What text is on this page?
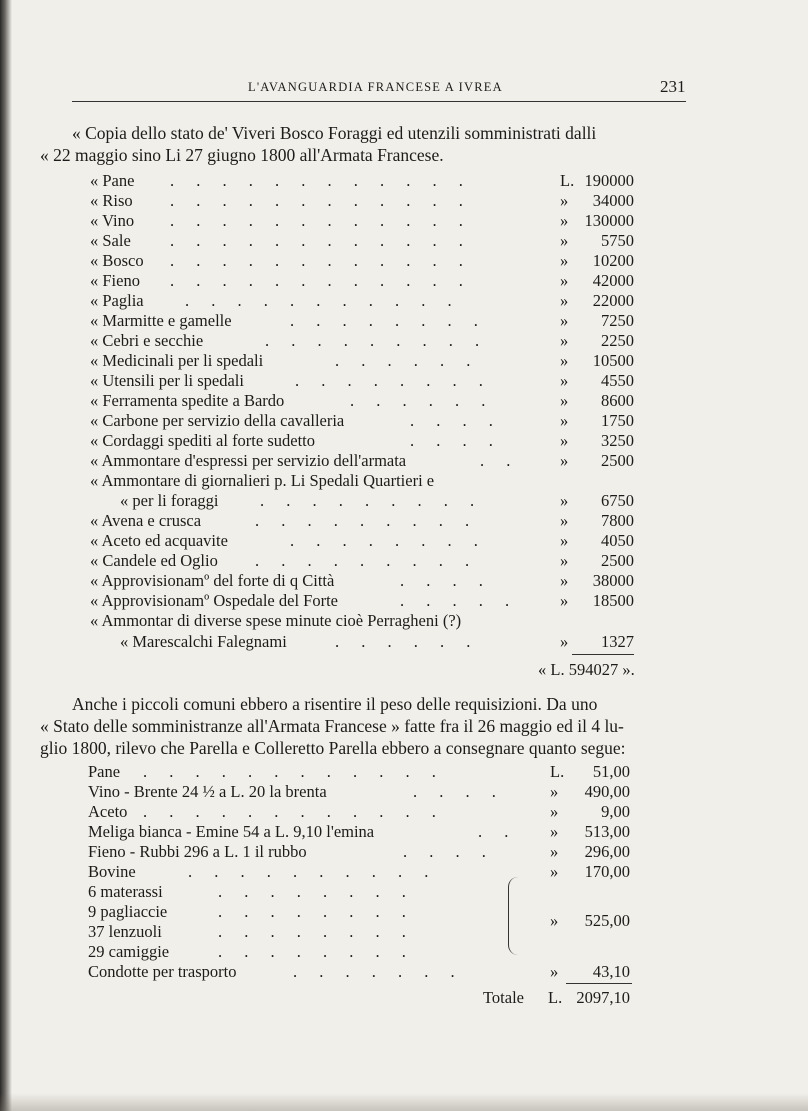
L'AVANGUARDIA FRANCESE A IVREA	231
« Copia dello stato de' Viveri Bosco Foraggi ed utenzili somministrati dalli
« 22 maggio sino Li 27 giugno 1800 all'Armata Francese.
« Pane . . . . . . . . . . . .	L. 190000
« Riso . . . . . . . . . . . .	»	34000
« Vino . . . . . . . . . . . .	» 130000
« Sale . . . . . . . . . . . .	»	5750
« Bosco . . . . . . . . . . . .	»	10200
« Fieno . . . . . . . . . . . .	»	42000
« Paglia	. . . . . . . . . . .	»	22000
« Marmitte e gamelle	. . . . . . . .	»	7250
« Cebri e secchie	. . . . . . . . .	»	2250
« Medicinali per li spedali	. . . . . .	»	10500
« Utensili per li spedali	. . . . . . . .	»	4550
« Ferramenta spedite a Bardo	. . . . . .	»	8600
« Carbone per servizio della cavalleria	. . . .	»	1750
« Cordaggi spediti al forte sudetto	. . . .	»	3250
« Ammontare d'espressi per servizio dell'armata	. . »	2500
« Ammontare di giornalieri p. Li Spedali Quartieri e
« per li foraggi	. . . . . . . . .	»	6750
« Avena e crusca	. . . . . . . . .	»	7800
« Aceto ed acquavite	. . . . . . . .	»	4050
« Candele ed Oglio . . . . . . . . .	»	2500
« Approvisionamº del forte di q Città	. . . .	»	38000
« Approvisionamº Ospedale del Forte	. . . . .	»	18500
« Ammontar di diverse spese minute cioè Perragheni (?)
« Marescalchi Falegnami	. . . . . .	»	1327
« L. 594027 ».
Anche i piccoli comuni ebbero a risentire il peso delle requisizioni. Da uno
« Stato delle somministranze all'Armata Francese » fatte fra il 26 maggio ed il 4 lu-
glio 1800, rilevo che Parella e Colleretto Parella ebbero a consegnare quanto segue:
Pane . . . . . . . . . . . .	L.	51,00
Vino - Brente 24 ½ a L. 20 la brenta	. . . .	»	490,00
Aceto . . . . . . . . . . . .	»	9,00
Meliga bianca - Emine 54 a L. 9,10 l'emina	. . »	513,00
Fieno - Rubbi 296 a L. 1 il rubbo	. . . .	»	296,00
Bovine	. . . . . . . . . .	»	170,00
6 materassi	. . . . . . . .
9 pagliaccie	. . . . . . . .
37 lenzuoli	. . . . . . . .
29 camiggie	. . . . . . . .
»	525,00
Condotte per trasporto	. . . . . . .	»	43,10
Totale L. 2097,10
